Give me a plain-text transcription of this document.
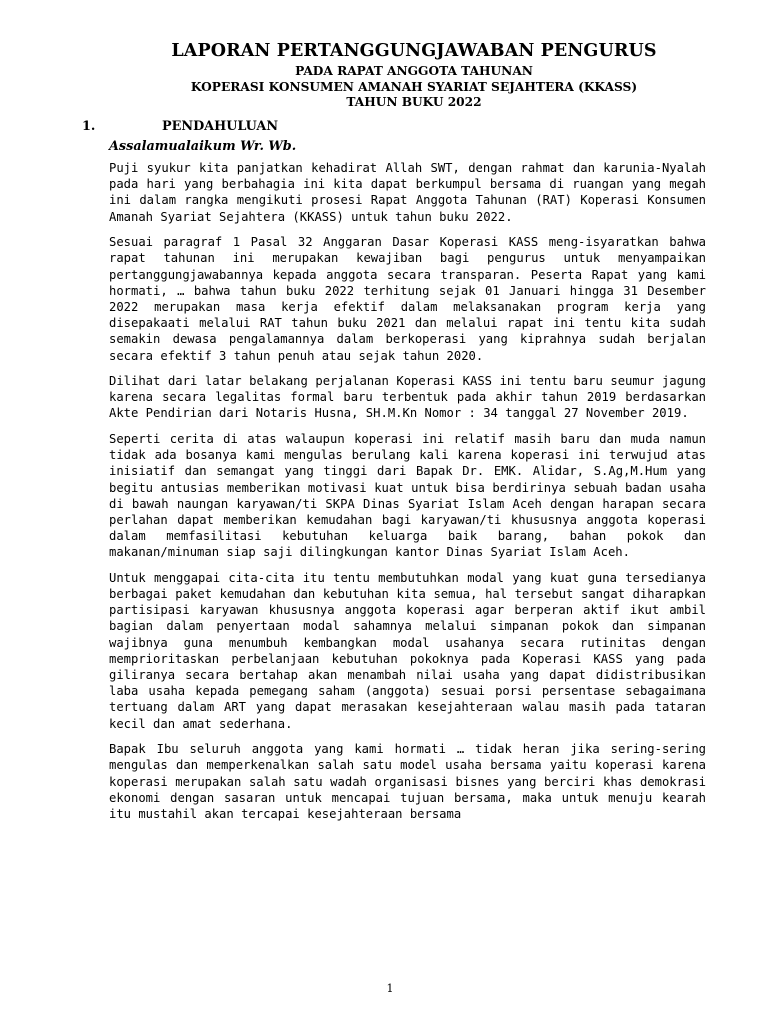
LAPORAN PERTANGGUNGJAWABAN PENGURUS
PADA RAPAT ANGGOTA TAHUNAN
KOPERASI KONSUMEN AMANAH SYARIAT SEJAHTERA (KKASS)
TAHUN BUKU 2022
1.	PENDAHULUAN
Assalamualaikum Wr. Wb.

Puji syukur kita panjatkan kehadirat Allah SWT, dengan rahmat dan karunia-Nyalah pada hari yang berbahagia ini kita dapat berkumpul bersama di ruangan yang megah ini dalam rangka mengikuti prosesi Rapat Anggota Tahunan (RAT) Koperasi Konsumen Amanah Syariat Sejahtera (KKASS) untuk tahun buku 2022.

Sesuai paragraf 1 Pasal 32 Anggaran Dasar Koperasi KASS meng-isyaratkan bahwa rapat tahunan ini merupakan kewajiban bagi pengurus untuk menyampaikan pertanggungjawabannya kepada anggota secara transparan. Peserta Rapat yang kami hormati, … bahwa tahun buku 2022 terhitung sejak 01 Januari hingga 31 Desember 2022 merupakan masa kerja efektif dalam melaksanakan program kerja yang disepakaati melalui RAT tahun buku 2021 dan melalui rapat ini tentu kita sudah semakin dewasa pengalamannya dalam berkoperasi yang kiprahnya sudah berjalan secara efektif 3 tahun penuh atau sejak tahun 2020.

Dilihat dari latar belakang perjalanan Koperasi KASS ini tentu baru seumur jagung karena secara legalitas formal baru terbentuk pada akhir tahun 2019 berdasarkan Akte Pendirian dari Notaris Husna, SH.M.Kn Nomor : 34 tanggal 27 November 2019.

Seperti cerita di atas walaupun koperasi ini relatif masih baru dan muda namun tidak ada bosanya kami mengulas berulang kali karena koperasi ini terwujud atas inisiatif dan semangat yang tinggi dari Bapak Dr. EMK. Alidar, S.Ag,M.Hum yang begitu antusias memberikan motivasi kuat untuk bisa berdirinya sebuah badan usaha di bawah naungan karyawan/ti SKPA Dinas Syariat Islam Aceh dengan harapan secara perlahan dapat memberikan kemudahan bagi karyawan/ti khususnya anggota koperasi dalam memfasilitasi kebutuhan keluarga baik barang, bahan pokok dan makanan/minuman siap saji dilingkungan kantor Dinas Syariat Islam Aceh.

Untuk menggapai cita-cita itu tentu membutuhkan modal yang kuat guna tersedianya berbagai paket kemudahan dan kebutuhan kita semua, hal tersebut sangat diharapkan partisipasi karyawan khususnya anggota koperasi agar berperan aktif ikut ambil bagian dalam penyertaan modal sahamnya melalui simpanan pokok dan simpanan wajibnya guna menumbuh kembangkan modal usahanya secara rutinitas dengan memprioritaskan perbelanjaan kebutuhan pokoknya pada Koperasi KASS yang pada giliranya secara bertahap akan menambah nilai usaha yang dapat didistribusikan laba usaha kepada pemegang saham (anggota) sesuai porsi persentase sebagaimana tertuang dalam ART yang dapat merasakan kesejahteraan walau masih pada tataran kecil dan amat sederhana.

Bapak Ibu seluruh anggota yang kami hormati … tidak heran jika sering-sering mengulas dan memperkenalkan salah satu model usaha bersama yaitu koperasi karena koperasi merupakan salah satu wadah organisasi bisnes yang berciri khas demokrasi ekonomi dengan sasaran untuk mencapai tujuan bersama, maka untuk menuju kearah itu mustahil akan tercapai kesejahteraan bersama

1
